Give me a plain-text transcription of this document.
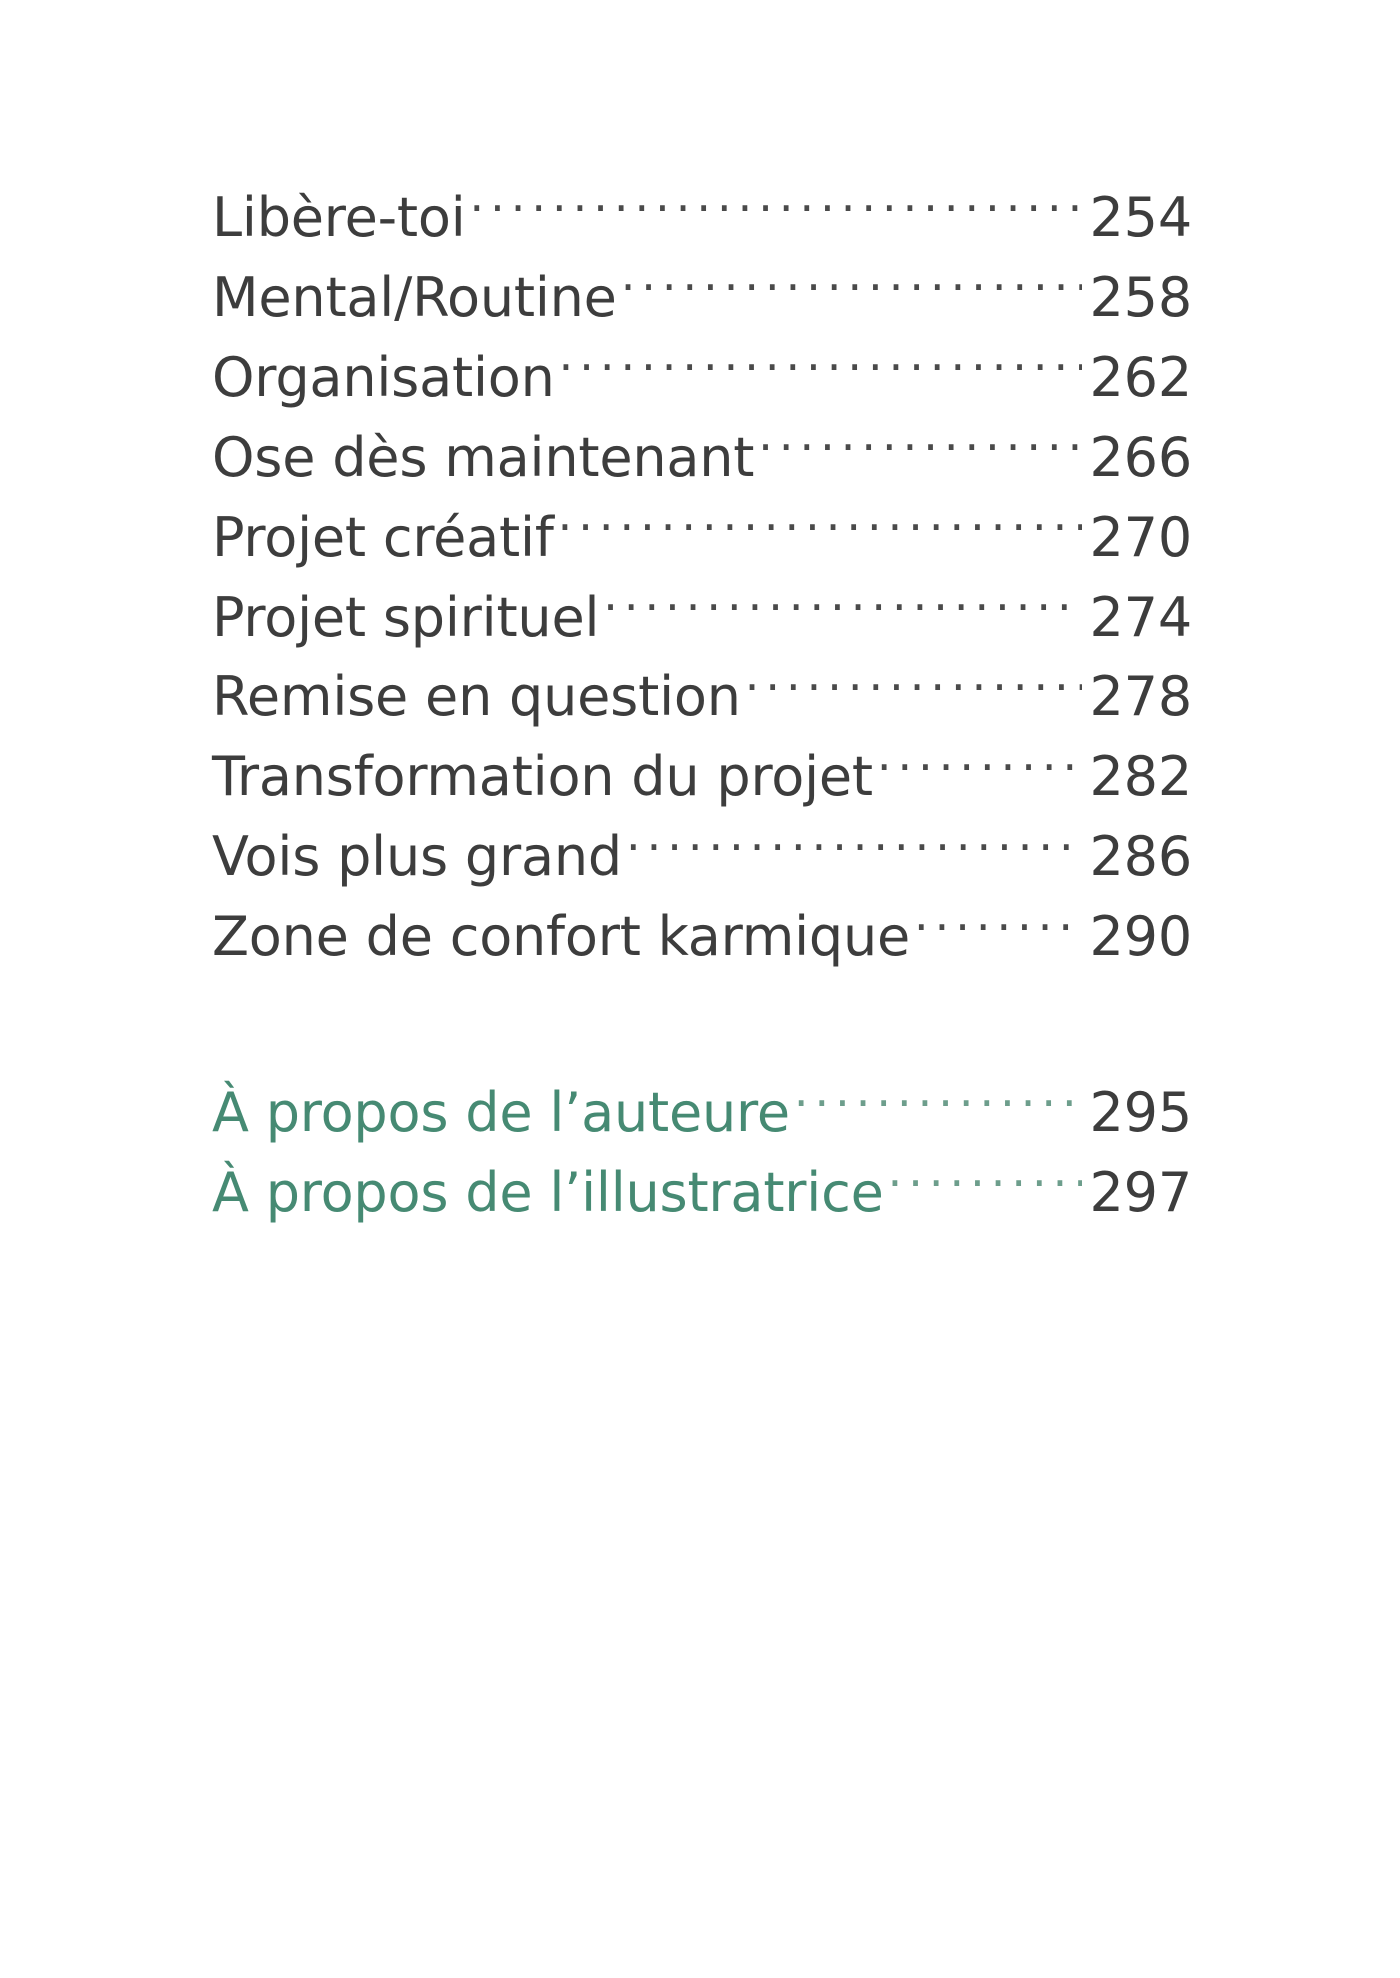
Libère-toi .....	254
Mental/Routine .....	258
Organisation .....	262
Ose dès maintenant .....	266
Projet créatif .....	270
Projet spirituel .....	274
Remise en question .....	278
Transformation du projet .....	282
Vois plus grand .....	286
Zone de confort karmique .....	290
À propos de l’auteure .....	295
À propos de l’illustratrice .....	297
